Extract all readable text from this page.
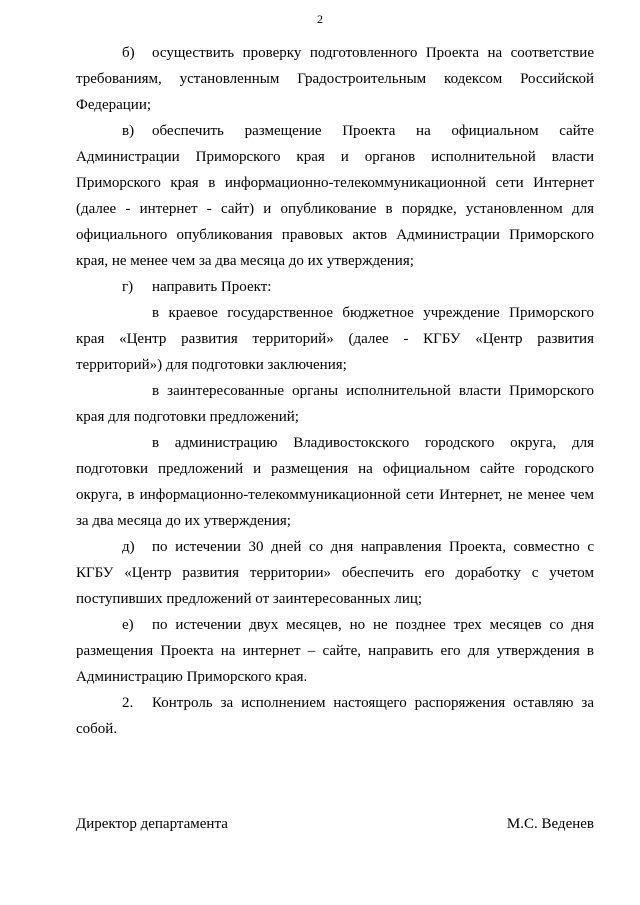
2

б) осуществить проверку подготовленного Проекта на соответствие требованиям, установленным Градостроительным кодексом Российской Федерации;

в) обеспечить размещение Проекта на официальном сайте Администрации Приморского края и органов исполнительной власти Приморского края в информационно-телекоммуникационной сети Интернет (далее - интернет - сайт) и опубликование в порядке, установленном для официального опубликования правовых актов Администрации Приморского края, не менее чем за два месяца до их утверждения;

г) направить Проект:

в краевое государственное бюджетное учреждение Приморского края «Центр развития территорий» (далее - КГБУ «Центр развития территорий») для подготовки заключения;

в заинтересованные органы исполнительной власти Приморского края для подготовки предложений;

в администрацию Владивостокского городского округа, для подготовки предложений и размещения на официальном сайте городского округа, в информационно-телекоммуникационной сети Интернет, не менее чем за два месяца до их утверждения;

д) по истечении 30 дней со дня направления Проекта, совместно с КГБУ «Центр развития территории» обеспечить его доработку с учетом поступивших предложений от заинтересованных лиц;

е) по истечении двух месяцев, но не позднее трех месяцев со дня размещения Проекта на интернет – сайте, направить его для утверждения в Администрацию Приморского края.

2. Контроль за исполнением настоящего распоряжения оставляю за собой.

Директор департамента	М.С. Веденев
